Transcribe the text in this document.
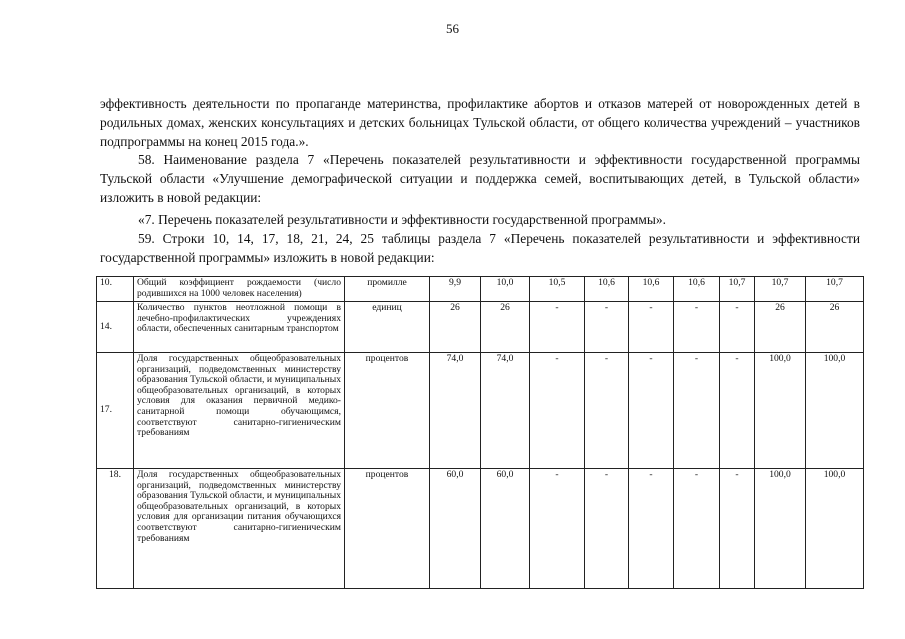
56
эффективность деятельности по пропаганде материнства, профилактике абортов и отказов матерей от новорожденных детей в родильных домах, женских консультациях и детских больницах Тульской области, от общего количества учреждений – участников подпрограммы на конец 2015 года.».
58. Наименование раздела 7 «Перечень показателей результативности и эффективности государственной программы Тульской области «Улучшение демографической ситуации и поддержка семей, воспитывающих детей, в Тульской области» изложить в новой редакции:
«7. Перечень показателей результативности и эффективности государственной программы».
59. Строки 10, 14, 17, 18, 21, 24, 25 таблицы раздела 7 «Перечень показателей результативности и эффективности государственной программы» изложить в новой редакции:
10.	Общий коэффициент рождаемости (число родившихся на 1000 человек населения)	промилле	9,9	10,0	10,5	10,6	10,6	10,6	10,7	10,7	10,7
14.	Количество пунктов неотложной помощи в лечебно-профилактических учреждениях области, обеспеченных санитарным транспортом	единиц	26	26	-	-	-	-	-	26	26
17.	Доля государственных общеобразовательных организаций, подведомственных министерству образования Тульской области, и муниципальных общеобразовательных организаций, в которых условия для оказания первичной медико-санитарной помощи обучающимся, соответствуют санитарно-гигиеническим требованиям	процентов	74,0	74,0	-	-	-	-	-	100,0	100,0
18.	Доля государственных общеобразовательных организаций, подведомственных министерству образования Тульской области, и муниципальных общеобразовательных организаций, в которых условия для организации питания обучающихся соответствуют санитарно-гигиеническим требованиям	процентов	60,0	60,0	-	-	-	-	-	100,0	100,0
